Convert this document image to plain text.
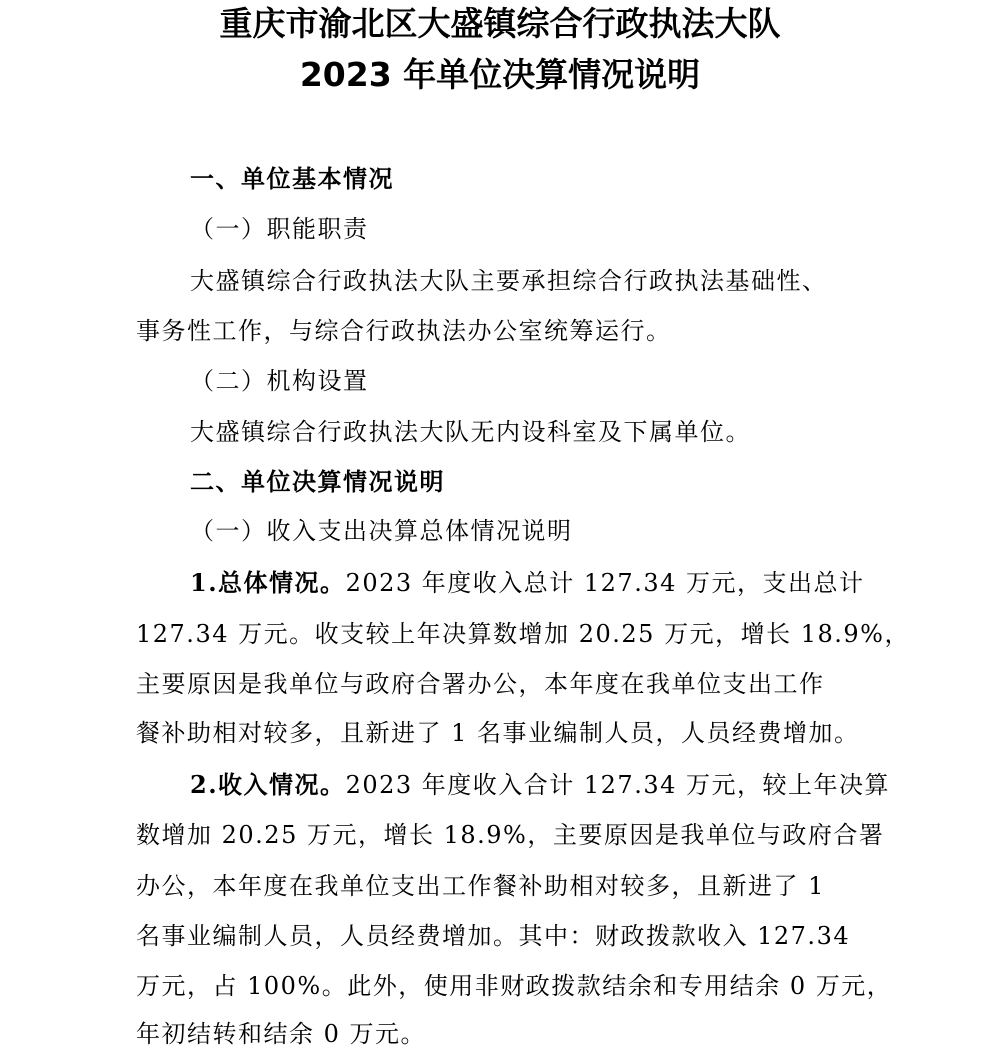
重庆市渝北区大盛镇综合行政执法大队
2023 年单位决算情况说明
一、单位基本情况
（一）职能职责
大盛镇综合行政执法大队主要承担综合行政执法基础性、
事务性工作，与综合行政执法办公室统筹运行。
（二）机构设置
大盛镇综合行政执法大队无内设科室及下属单位。
二、单位决算情况说明
（一）收入支出决算总体情况说明
1.总体情况。2023 年度收入总计 127.34 万元，支出总计
127.34 万元。收支较上年决算数增加 20.25 万元，增长 18.9%，
主要原因是我单位与政府合署办公，本年度在我单位支出工作
餐补助相对较多，且新进了 1 名事业编制人员，人员经费增加。
2.收入情况。2023 年度收入合计 127.34 万元，较上年决算
数增加 20.25 万元，增长 18.9%，主要原因是我单位与政府合署
办公，本年度在我单位支出工作餐补助相对较多，且新进了 1
名事业编制人员，人员经费增加。其中：财政拨款收入 127.34
万元，占 100%。此外，使用非财政拨款结余和专用结余 0 万元，
年初结转和结余 0 万元。
